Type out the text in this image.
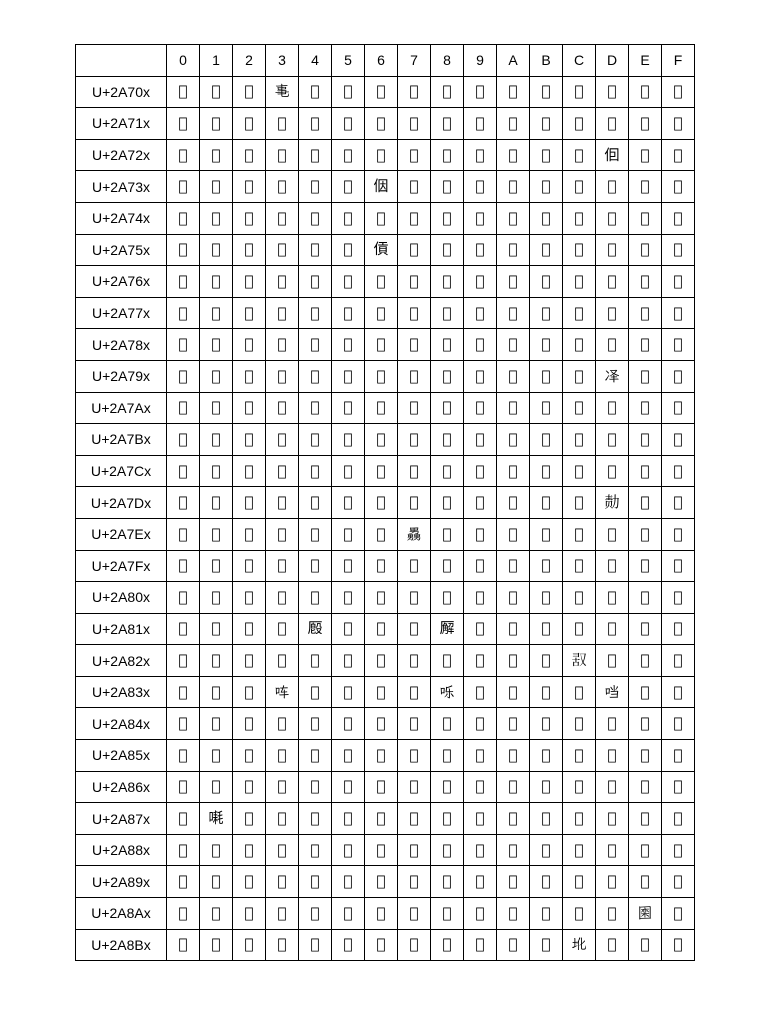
	0	1	2	3	4	5	6	7	8	9	A	B	C	D	E	F
U+2A70x	𪜀	𪜁	𪜂	𪜃	𪜄	𪜅	𪜆	𪜇	𪜈	𪜉	𪜊	𪜋	𪜌	𪜍	𪜎	𪜏
U+2A71x	𪜐	𪜑	𪜒	𪜓	𪜔	𪜕	𪜖	𪜗	𪜘	𪜙	𪜚	𪜛	𪜜	𪜝	𪜞	𪜟
U+2A72x	𪜠	𪜡	𪜢	𪜣	𪜤	𪜥	𪜦	𪜧	𪜨	𪜩	𪜪	𪜫	𪜬	𪜭	𪜮	𪜯
U+2A73x	𪜰	𪜱	𪜲	𪜳	𪜴	𪜵	𪜶	𪜷	𪜸	𪜹	𪜺	𪜻	𪜼	𪜽	𪜾	𪜿
U+2A74x	𪝀	𪝁	𪝂	𪝃	𪝄	𪝅	𪝆	𪝇	𪝈	𪝉	𪝊	𪝋	𪝌	𪝍	𪝎	𪝏
U+2A75x	𪝐	𪝑	𪝒	𪝓	𪝔	𪝕	𪝖	𪝗	𪝘	𪝙	𪝚	𪝛	𪝜	𪝝	𪝞	𪝟
U+2A76x	𪝠	𪝡	𪝢	𪝣	𪝤	𪝥	𪝦	𪝧	𪝨	𪝩	𪝪	𪝫	𪝬	𪝭	𪝮	𪝯
U+2A77x	𪝰	𪝱	𪝲	𪝳	𪝴	𪝵	𪝶	𪝷	𪝸	𪝹	𪝺	𪝻	𪝼	𪝽	𪝾	𪝿
U+2A78x	𪞀	𪞁	𪞂	𪞃	𪞄	𪞅	𪞆	𪞇	𪞈	𪞉	𪞊	𪞋	𪞌	𪞍	𪞎	𪞏
U+2A79x	𪞐	𪞑	𪞒	𪞓	𪞔	𪞕	𪞖	𪞗	𪞘	𪞙	𪞚	𪞛	𪞜	𪞝	𪞞	𪞟
U+2A7Ax	𪞠	𪞡	𪞢	𪞣	𪞤	𪞥	𪞦	𪞧	𪞨	𪞩	𪞪	𪞫	𪞬	𪞭	𪞮	𪞯
U+2A7Bx	𪞰	𪞱	𪞲	𪞳	𪞴	𪞵	𪞶	𪞷	𪞸	𪞹	𪞺	𪞻	𪞼	𪞽	𪞾	𪞿
U+2A7Cx	𪟀	𪟁	𪟂	𪟃	𪟄	𪟅	𪟆	𪟇	𪟈	𪟉	𪟊	𪟋	𪟌	𪟍	𪟎	𪟏
U+2A7Dx	𪟐	𪟑	𪟒	𪟓	𪟔	𪟕	𪟖	𪟗	𪟘	𪟙	𪟚	𪟛	𪟜	𪟝	𪟞	𪟟
U+2A7Ex	𪟠	𪟡	𪟢	𪟣	𪟤	𪟥	𪟦	𪟧	𪟨	𪟩	𪟪	𪟫	𪟬	𪟭	𪟮	𪟯
U+2A7Fx	𪟰	𪟱	𪟲	𪟳	𪟴	𪟵	𪟶	𪟷	𪟸	𪟹	𪟺	𪟻	𪟼	𪟽	𪟾	𪟿
U+2A80x	𪠀	𪠁	𪠂	𪠃	𪠄	𪠅	𪠆	𪠇	𪠈	𪠉	𪠊	𪠋	𪠌	𪠍	𪠎	𪠏
U+2A81x	𪠐	𪠑	𪠒	𪠓	𪠔	𪠕	𪠖	𪠗	𪠘	𪠙	𪠚	𪠛	𪠜	𪠝	𪠞	𪠟
U+2A82x	𪠠	𪠡	𪠢	𪠣	𪠤	𪠥	𪠦	𪠧	𪠨	𪠩	𪠪	𪠫	𪠬	𪠭	𪠮	𪠯
U+2A83x	𪠰	𪠱	𪠲	𪠳	𪠴	𪠵	𪠶	𪠷	𪠸	𪠹	𪠺	𪠻	𪠼	𪠽	𪠾	𪠿
U+2A84x	𪡀	𪡁	𪡂	𪡃	𪡄	𪡅	𪡆	𪡇	𪡈	𪡉	𪡊	𪡋	𪡌	𪡍	𪡎	𪡏
U+2A85x	𪡐	𪡑	𪡒	𪡓	𪡔	𪡕	𪡖	𪡗	𪡘	𪡙	𪡚	𪡛	𪡜	𪡝	𪡞	𪡟
U+2A86x	𪡠	𪡡	𪡢	𪡣	𪡤	𪡥	𪡦	𪡧	𪡨	𪡩	𪡪	𪡫	𪡬	𪡭	𪡮	𪡯
U+2A87x	𪡰	𪡱	𪡲	𪡳	𪡴	𪡵	𪡶	𪡷	𪡸	𪡹	𪡺	𪡻	𪡼	𪡽	𪡾	𪡿
U+2A88x	𪢀	𪢁	𪢂	𪢃	𪢄	𪢅	𪢆	𪢇	𪢈	𪢉	𪢊	𪢋	𪢌	𪢍	𪢎	𪢏
U+2A89x	𪢐	𪢑	𪢒	𪢓	𪢔	𪢕	𪢖	𪢗	𪢘	𪢙	𪢚	𪢛	𪢜	𪢝	𪢞	𪢟
U+2A8Ax	𪢠	𪢡	𪢢	𪢣	𪢤	𪢥	𪢦	𪢧	𪢨	𪢩	𪢪	𪢫	𪢬	𪢭	𪢮	𪢯
U+2A8Bx	𪢰	𪢱	𪢲	𪢳	𪢴	𪢵	𪢶	𪢷	𪢸	𪢹	𪢺	𪢻	𪢼	𪢽	𪢾	𪢿
